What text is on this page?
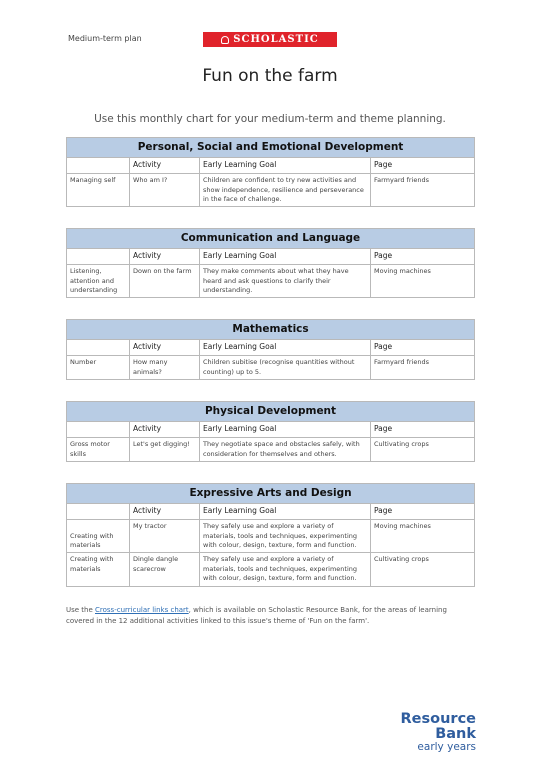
Medium-term plan	SCHOLASTIC
Fun on the farm
Use this monthly chart for your medium-term and theme planning.
Personal, Social and Emotional Development			
	Activity	Early Learning Goal	Page
Managing self	Who am I?	Children are confident to try new activities and show independence, resilience and perseverance in the face of challenge.	Farmyard friends
Communication and Language			
	Activity	Early Learning Goal	Page
Listening, attention and understanding	Down on the farm	They make comments about what they have heard and ask questions to clarify their understanding.	Moving machines
Mathematics			
	Activity	Early Learning Goal	Page
Number	How many animals?	Children subitise (recognise quantities without counting) up to 5.	Farmyard friends
Physical Development			
	Activity	Early Learning Goal	Page
Gross motor skills	Let's get digging!	They negotiate space and obstacles safely, with consideration for themselves and others.	Cultivating crops
Expressive Arts and Design			
	Activity	Early Learning Goal	Page
Creating with materials	My tractor	They safely use and explore a variety of materials, tools and techniques, experimenting with colour, design, texture, form and function.	Moving machines
Creating with materials	Dingle dangle scarecrow	They safely use and explore a variety of materials, tools and techniques, experimenting with colour, design, texture, form and function.	Cultivating crops
Use the Cross-curricular links chart, which is available on Scholastic Resource Bank, for the areas of learning covered in the 12 additional activities linked to this issue's theme of 'Fun on the farm'.
Resource Bank
early years
